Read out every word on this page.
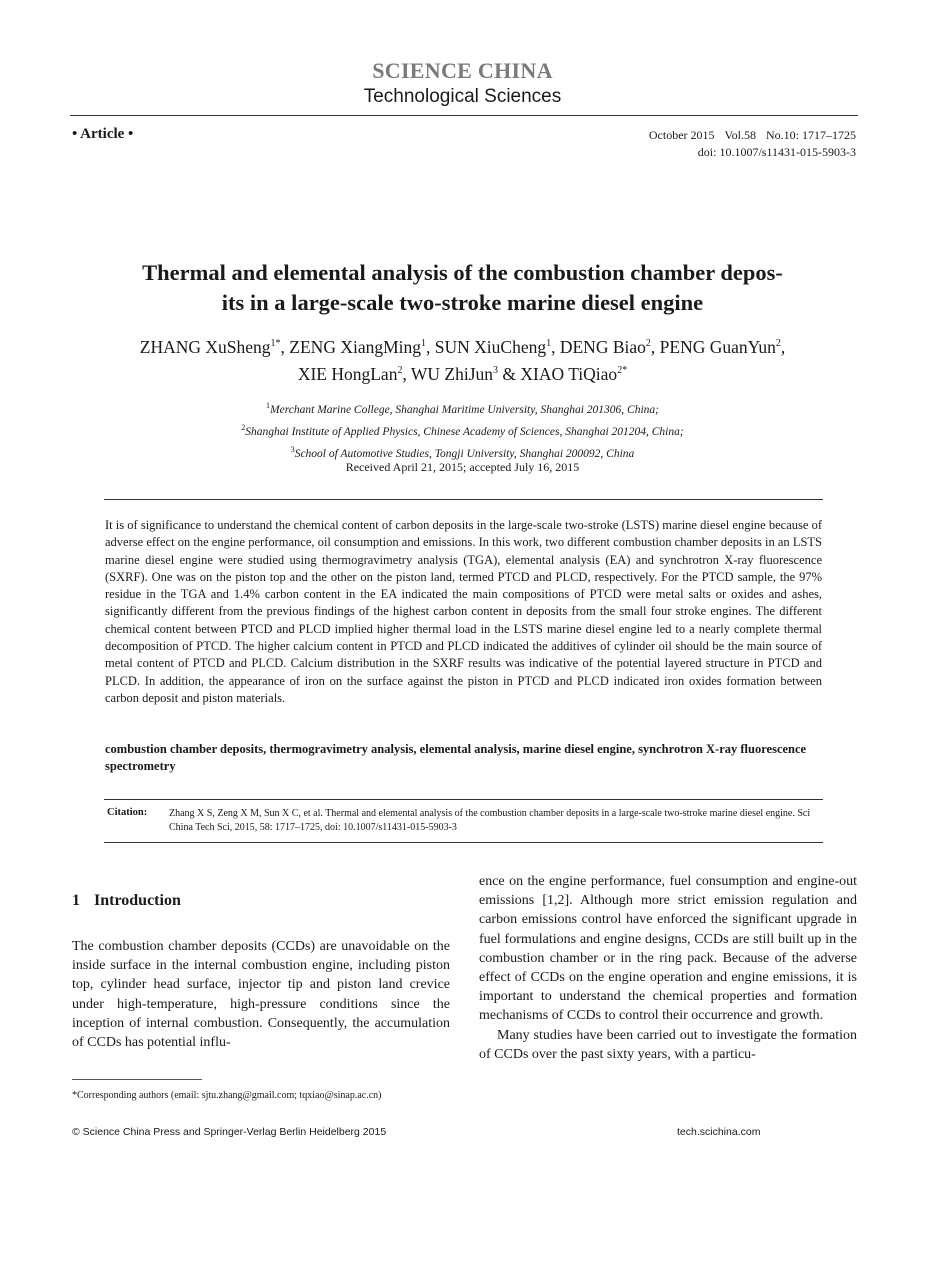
SCIENCE CHINA
Technological Sciences
• Article •	October 2015 Vol.58 No.10: 1717–1725
doi: 10.1007/s11431-015-5903-3
Thermal and elemental analysis of the combustion chamber depos-
its in a large-scale two-stroke marine diesel engine
ZHANG XuSheng$^{1*}$, ZENG XiangMing$^1$, SUN XiuCheng$^1$, DENG Biao$^2$, PENG GuanYun$^2$,
XIE HongLan$^2$, WU ZhiJun$^3$ & XIAO TiQiao$^{2*}$
$^1$Merchant Marine College, Shanghai Maritime University, Shanghai 201306, China;
$^2$Shanghai Institute of Applied Physics, Chinese Academy of Sciences, Shanghai 201204, China;
$^3$School of Automotive Studies, Tongji University, Shanghai 200092, China
Received April 21, 2015; accepted July 16, 2015
It is of significance to understand the chemical content of carbon deposits in the large-scale two-stroke (LSTS) marine diesel engine because of adverse effect on the engine performance, oil consumption and emissions. In this work, two different combustion chamber deposits in an LSTS marine diesel engine were studied using thermogravimetry analysis (TGA), elemental analysis (EA) and synchrotron X-ray fluorescence (SXRF). One was on the piston top and the other on the piston land, termed PTCD and PLCD, respectively. For the PTCD sample, the 97% residue in the TGA and 1.4% carbon content in the EA indicated the main compositions of PTCD were metal salts or oxides and ashes, significantly different from the previous findings of the highest carbon content in deposits from the small four stroke engines. The different chemical content between PTCD and PLCD implied higher thermal load in the LSTS marine diesel engine led to a nearly complete thermal decomposition of PTCD. The higher calcium content in PTCD and PLCD indicated the additives of cylinder oil should be the main source of metal content of PTCD and PLCD. Calcium distribution in the SXRF results was indicative of the potential layered structure in PTCD and PLCD. In addition, the appearance of iron on the surface against the piston in PTCD and PLCD indicated iron oxides formation between carbon deposit and piston materials.
combustion chamber deposits, thermogravimetry analysis, elemental analysis, marine diesel engine, synchrotron X-ray fluorescence spectrometry
Citation: Zhang X S, Zeng X M, Sun X C, et al. Thermal and elemental analysis of the combustion chamber deposits in a large-scale two-stroke marine diesel engine. Sci China Tech Sci, 2015, 58: 1717–1725, doi: 10.1007/s11431-015-5903-3
1 Introduction

The combustion chamber deposits (CCDs) are unavoidable on the inside surface in the internal combustion engine, including piston top, cylinder head surface, injector tip and piston land crevice under high-temperature, high-pressure conditions since the inception of internal combustion. Consequently, the accumulation of CCDs has potential influ-

ence on the engine performance, fuel consumption and engine-out emissions [1,2]. Although more strict emission regulation and carbon emissions control have enforced the significant upgrade in fuel formulations and engine designs, CCDs are still built up in the combustion chamber or in the ring pack. Because of the adverse effect of CCDs on the engine operation and engine emissions, it is important to understand the chemical properties and formation mechanisms of CCDs to control their occurrence and growth.

Many studies have been carried out to investigate the formation of CCDs over the past sixty years, with a particu-

*Corresponding authors (email: sjtu.zhang@gmail.com; tqxiao@sinap.ac.cn)
© Science China Press and Springer-Verlag Berlin Heidelberg 2015	tech.scichina.com
